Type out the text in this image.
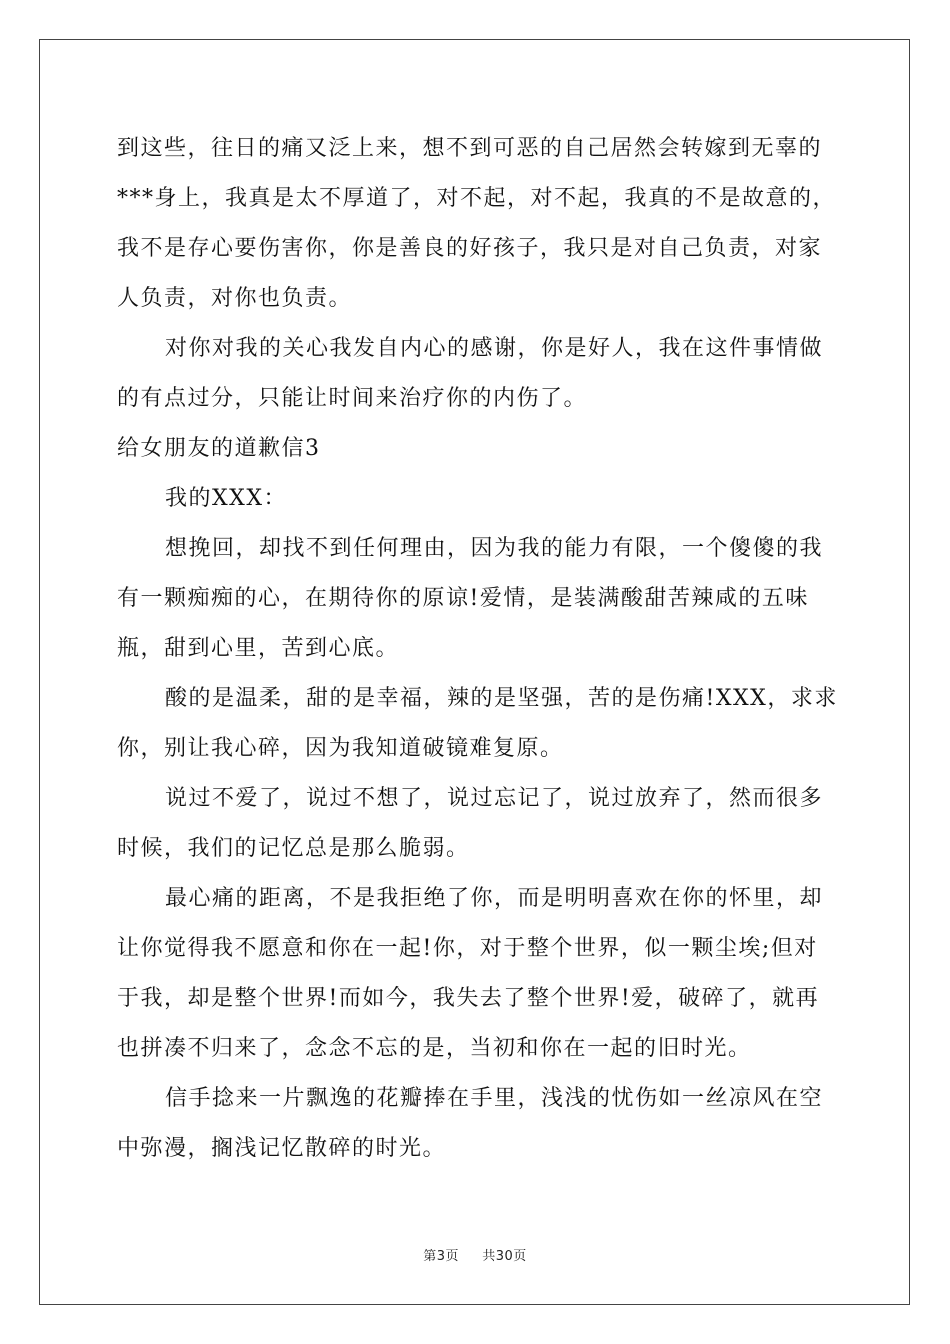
到这些，往日的痛又泛上来，想不到可恶的自己居然会转嫁到无辜的
***身上，我真是太不厚道了，对不起，对不起，我真的不是故意的，
我不是存心要伤害你，你是善良的好孩子，我只是对自己负责，对家
人负责，对你也负责。
对你对我的关心我发自内心的感谢，你是好人，我在这件事情做
的有点过分，只能让时间来治疗你的内伤了。
给女朋友的道歉信3
我的XXX：
想挽回，却找不到任何理由，因为我的能力有限，一个傻傻的我
有一颗痴痴的心，在期待你的原谅!爱情，是装满酸甜苦辣咸的五味
瓶，甜到心里，苦到心底。
酸的是温柔，甜的是幸福，辣的是坚强，苦的是伤痛!XXX，求求
你，别让我心碎，因为我知道破镜难复原。
说过不爱了，说过不想了，说过忘记了，说过放弃了，然而很多
时候，我们的记忆总是那么脆弱。
最心痛的距离，不是我拒绝了你，而是明明喜欢在你的怀里，却
让你觉得我不愿意和你在一起!你，对于整个世界，似一颗尘埃;但对
于我，却是整个世界!而如今，我失去了整个世界!爱，破碎了，就再
也拼凑不归来了，念念不忘的是，当初和你在一起的旧时光。
信手捻来一片飘逸的花瓣捧在手里，浅浅的忧伤如一丝凉风在空
中弥漫，搁浅记忆散碎的时光。
第3页 共30页
